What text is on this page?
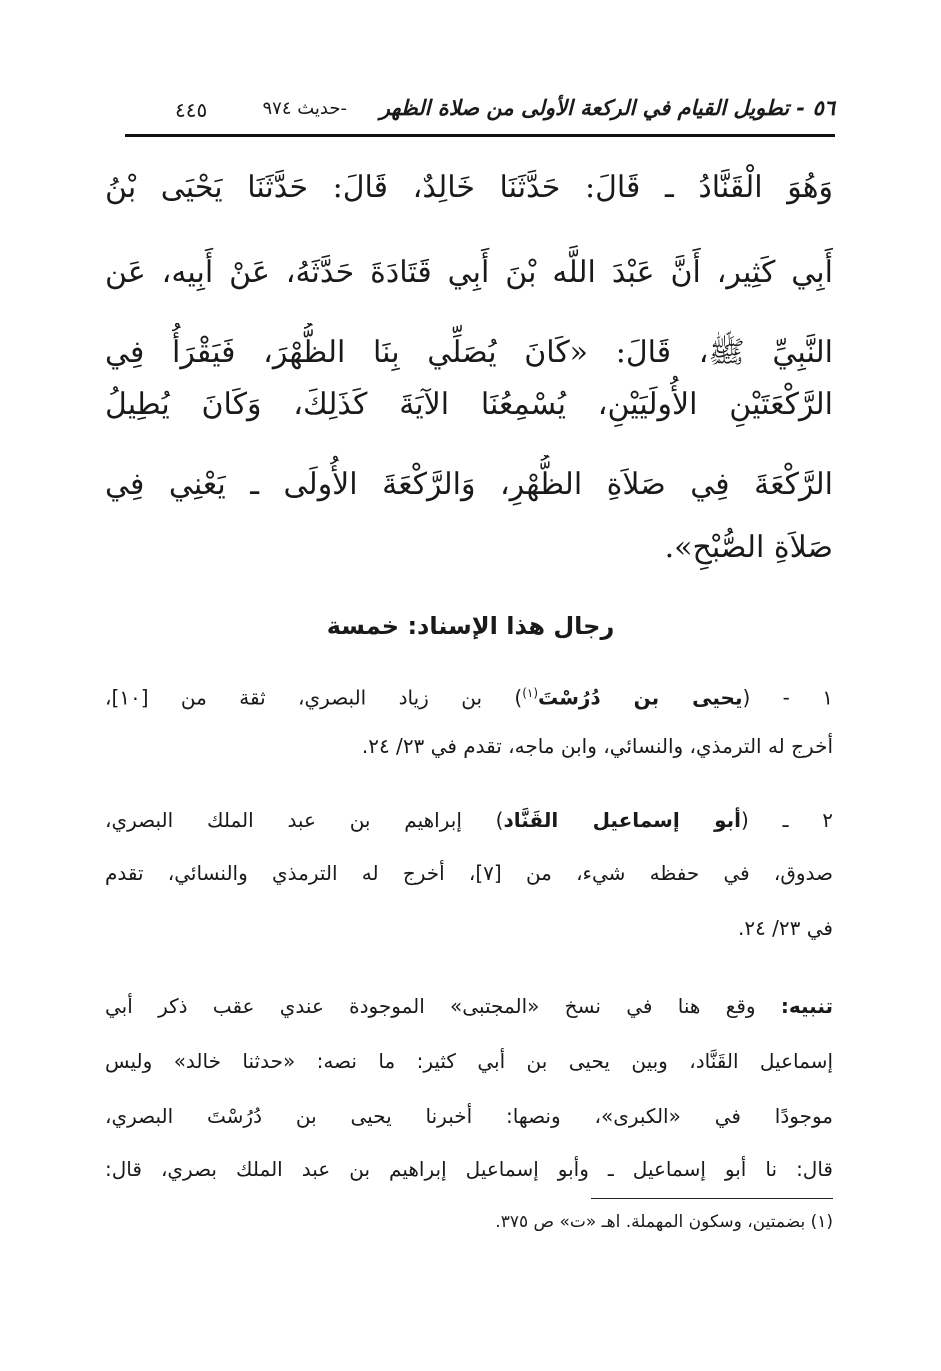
٥٦ - تطويل القيام في الركعة الأولى من صلاة الظهر
-حديث ٩٧٤
٤٤٥
وَهُوَ الْقَنَّادُ ـ قَالَ: حَدَّثَنَا خَالِدٌ، قَالَ: حَدَّثَنَا يَحْيَى بْنُ
أَبِي كَثِير، أَنَّ عَبْدَ اللَّه بْنَ أَبِي قَتَادَةَ حَدَّثَهُ، عَنْ أَبِيه، عَن
النَّبِيِّ ﷺ، قَالَ: «كَانَ يُصَلِّي بِنَا الظُّهْرَ، فَيَقْرَأُ فِي
الرَّكْعَتَيْنِ الأُولَيَيْنِ، يُسْمِعُنَا الآيَةَ كَذَلِكَ، وَكَانَ يُطِيلُ
الرَّكْعَةَ فِي صَلاَةِ الظُّهْرِ، وَالرَّكْعَةَ الأُولَى ـ يَعْنِي فِي
صَلاَةِ الصُّبْحِ».
رجال هذا الإسناد: خمسة
١ - (يحيى بن دُرُسْتَ$^{(١)}$) بن زياد البصري، ثقة من [١٠]،
أخرج له الترمذي، والنسائي، وابن ماجه، تقدم في ٢٣/ ٢٤.
٢ ـ (أبو إسماعيل القَنَّاد) إبراهيم بن عبد الملك البصري،
صدوق، في حفظه شيء، من [٧]، أخرج له الترمذي والنسائي، تقدم
في ٢٣/ ٢٤.
تنبيه: وقع هنا في نسخ «المجتبى» الموجودة عندي عقب ذكر أبي
إسماعيل القَنَّاد، وبين يحيى بن أبي كثير: ما نصه: «حدثنا خالد» وليس
موجودًا في «الكبرى»، ونصها: أخبرنا يحيى بن دُرُسْتَ البصري،
قال: نا أبو إسماعيل ـ وأبو إسماعيل إبراهيم بن عبد الملك بصري، قال:
(١) بضمتين، وسكون المهملة. اهـ «ت» ص ٣٧٥.
